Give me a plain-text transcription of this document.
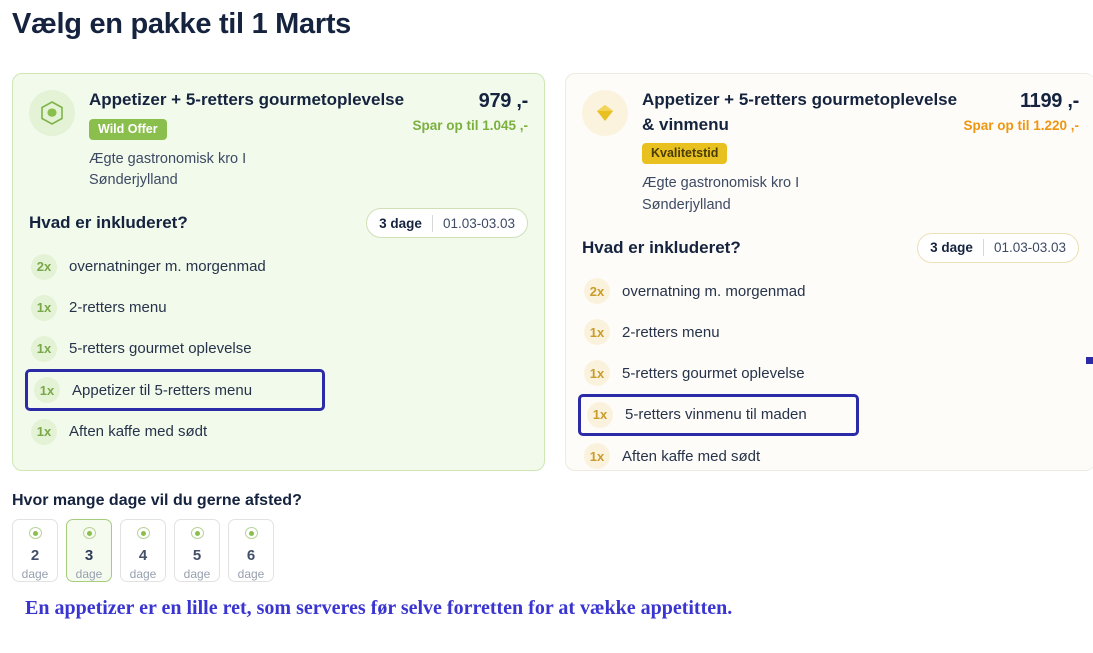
Vælg en pakke til 1 Marts
Appetizer + 5-retters gourmetoplevelse
Wild Offer
Ægte gastronomisk kro I Sønderjylland
979 ,-
Spar op til 1.045 ,-
Hvad er inkluderet?	3 dage 01.03-03.03
2x	overnatninger m. morgenmad
1x	2-retters menu
1x	5-retters gourmet oplevelse
1x	Appetizer til 5-retters menu
1x	Aften kaffe med sødt
Appetizer + 5-retters gourmetoplevelse & vinmenu
Kvalitetstid
Ægte gastronomisk kro I Sønderjylland
1199 ,-
Spar op til 1.220 ,-
Hvad er inkluderet?	3 dage 01.03-03.03
2x	overnatning m. morgenmad
1x	2-retters menu
1x	5-retters gourmet oplevelse
1x	5-retters vinmenu til maden
1x	Aften kaffe med sødt
Hvor mange dage vil du gerne afsted?
2
dage
3
dage
4
dage
5
dage
6
dage
En appetizer er en lille ret, som serveres før selve forretten for at vække appetitten.
